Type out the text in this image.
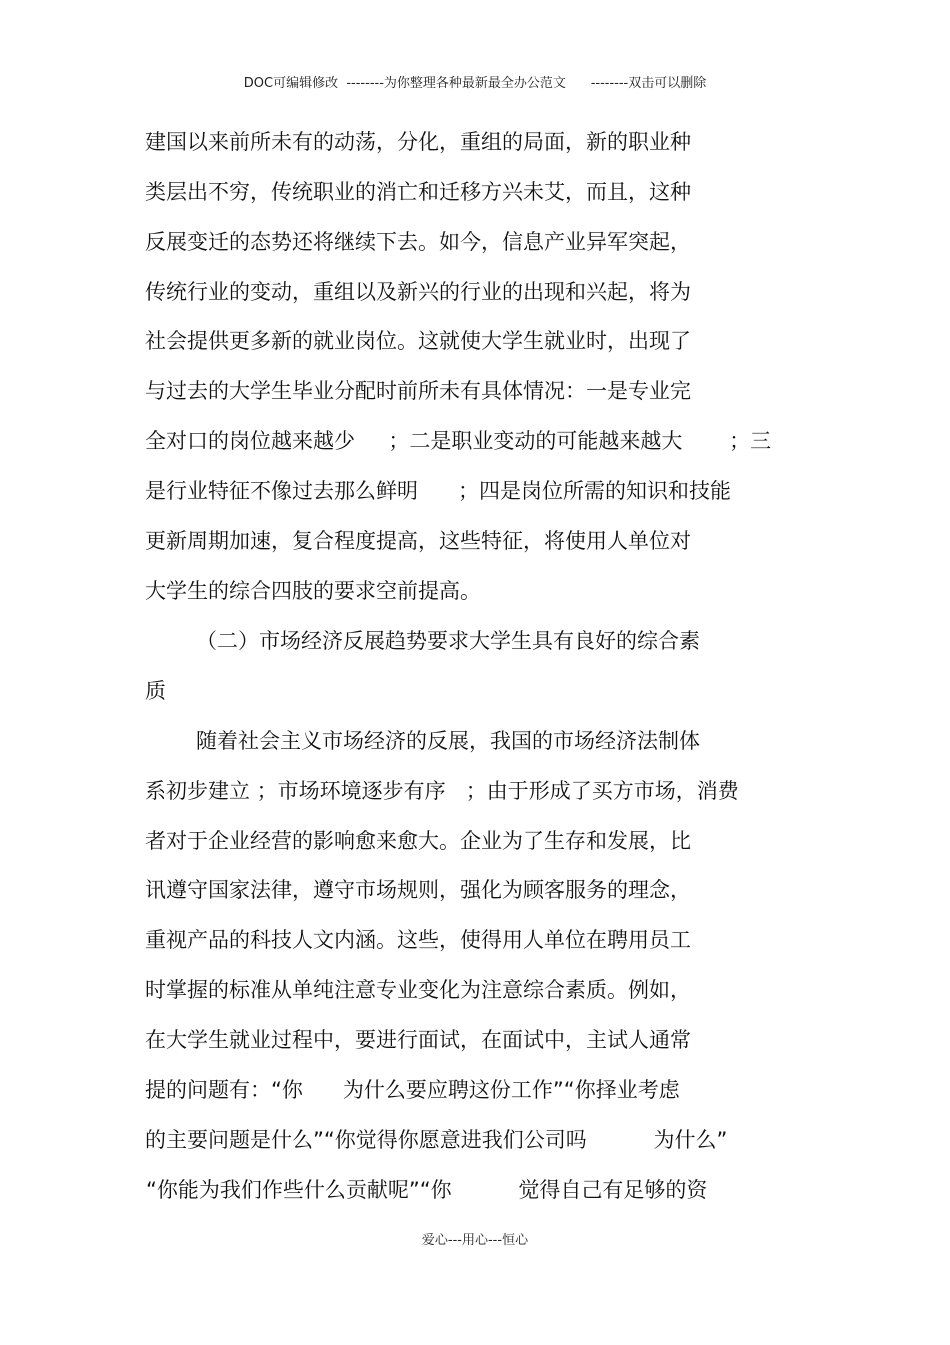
DOC可编辑修改 --------为你整理各种最新最全办公范文 --------双击可以删除
建国以来前所未有的动荡，分化，重组的局面，新的职业种
类层出不穷，传统职业的消亡和迁移方兴未艾，而且，这种
反展变迁的态势还将继续下去。如今，信息产业异军突起，
传统行业的变动，重组以及新兴的行业的出现和兴起，将为
社会提供更多新的就业岗位。这就使大学生就业时，出现了
与过去的大学生毕业分配时前所未有具体情况：一是专业完
全对口的岗位越来越少     ；二是职业变动的可能越来越大       ；三
是行业特征不像过去那么鲜明      ；四是岗位所需的知识和技能
更新周期加速，复合程度提高，这些特征，将使用人单位对
大学生的综合四肢的要求空前提高。
（二）市场经济反展趋势要求大学生具有良好的综合素
质
随着社会主义市场经济的反展，我国的市场经济法制体
系初步建立 ；市场环境逐步有序   ；由于形成了买方市场，消费
者对于企业经营的影响愈来愈大。企业为了生存和发展，比
讯遵守国家法律，遵守市场规则，强化为顾客服务的理念，
重视产品的科技人文内涵。这些，使得用人单位在聘用员工
时掌握的标准从单纯注意专业变化为注意综合素质。例如，
在大学生就业过程中，要进行面试，在面试中，主试人通常
提的问题有：“你      为什么要应聘这份工作”“你择业考虑
的主要问题是什么”“你觉得你愿意进我们公司吗          为什么”
“你能为我们作些什么贡献呢”“你          觉得自己有足够的资
爱心---用心---恒心
